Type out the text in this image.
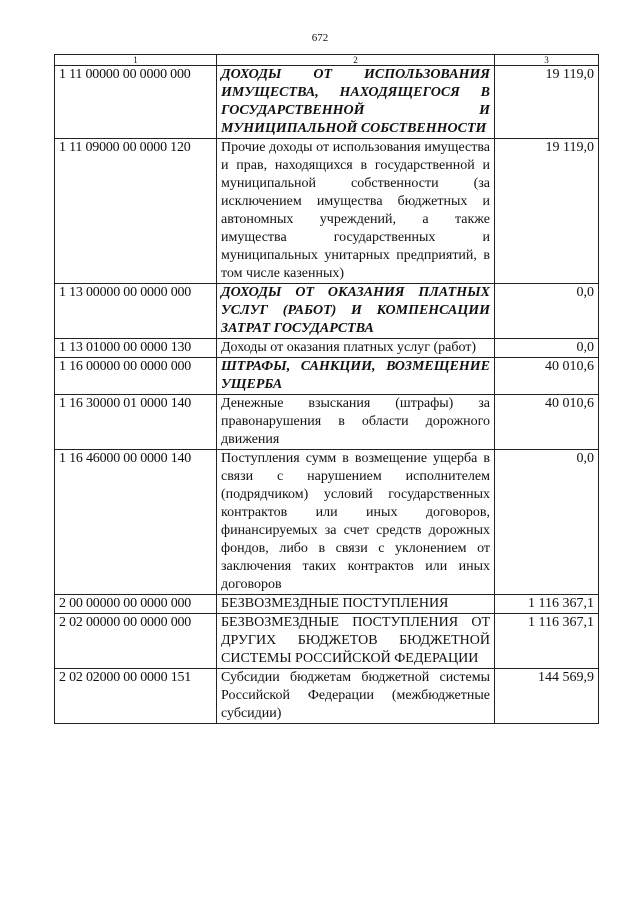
672
1	2	3
1 11 00000 00 0000 000	ДОХОДЫ ОТ ИСПОЛЬЗОВАНИЯ ИМУЩЕСТВА, НАХОДЯЩЕГОСЯ В ГОСУДАРСТВЕННОЙ И МУНИЦИПАЛЬНОЙ СОБСТВЕННОСТИ	19 119,0
1 11 09000 00 0000 120	Прочие доходы от использования имущества и прав, находящихся в государственной и муниципальной собственности (за исключением имущества бюджетных и автономных учреждений, а также имущества государственных и муниципальных унитарных предприятий, в том числе казенных)	19 119,0
1 13 00000 00 0000 000	ДОХОДЫ ОТ ОКАЗАНИЯ ПЛАТНЫХ УСЛУГ (РАБОТ) И КОМПЕНСАЦИИ ЗАТРАТ ГОСУДАРСТВА	0,0
1 13 01000 00 0000 130	Доходы от оказания платных услуг (работ)	0,0
1 16 00000 00 0000 000	ШТРАФЫ, САНКЦИИ, ВОЗМЕЩЕНИЕ УЩЕРБА	40 010,6
1 16 30000 01 0000 140	Денежные взыскания (штрафы) за правонарушения в области дорожного движения	40 010,6
1 16 46000 00 0000 140	Поступления сумм в возмещение ущерба в связи с нарушением исполнителем (подрядчиком) условий государственных контрактов или иных договоров, финансируемых за счет средств дорожных фондов, либо в связи с уклонением от заключения таких контрактов или иных договоров	0,0
2 00 00000 00 0000 000	БЕЗВОЗМЕЗДНЫЕ ПОСТУПЛЕНИЯ	1 116 367,1
2 02 00000 00 0000 000	БЕЗВОЗМЕЗДНЫЕ ПОСТУПЛЕНИЯ ОТ ДРУГИХ БЮДЖЕТОВ БЮДЖЕТНОЙ СИСТЕМЫ РОССИЙСКОЙ ФЕДЕРАЦИИ	1 116 367,1
2 02 02000 00 0000 151	Субсидии бюджетам бюджетной системы Российской Федерации (межбюджетные субсидии)	144 569,9
